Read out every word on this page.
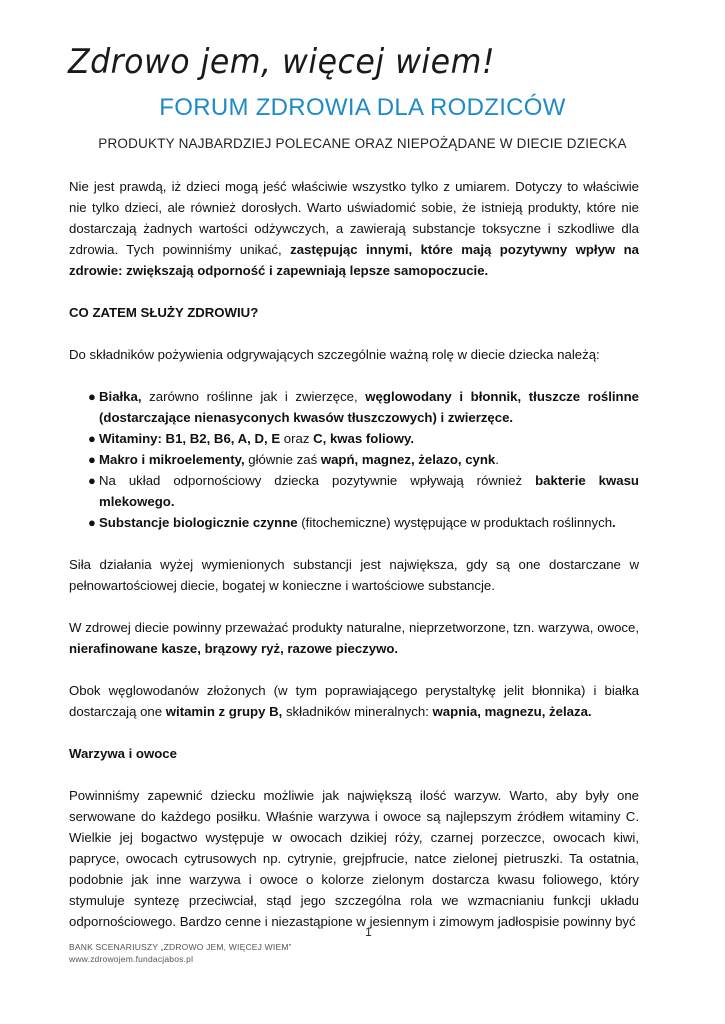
Zdrowo jem, więcej wiem!
FORUM ZDROWIA DLA RODZICÓW
PRODUKTY NAJBARDZIEJ POLECANE ORAZ NIEPOŻĄDANE W DIECIE DZIECKA

Nie jest prawdą, iż dzieci mogą jeść właściwie wszystko tylko z umiarem. Dotyczy to właściwie nie tylko dzieci, ale również dorosłych. Warto uświadomić sobie, że istnieją produkty, które nie dostarczają żadnych wartości odżywczych, a zawierają substancje toksyczne i szkodliwe dla zdrowia. Tych powinniśmy unikać, zastępując innymi, które mają pozytywny wpływ na zdrowie: zwiększają odporność i zapewniają lepsze samopoczucie.

CO ZATEM SŁUŻY ZDROWIU?

Do składników pożywienia odgrywających szczególnie ważną rolę w diecie dziecka należą:

● Białka, zarówno roślinne jak i zwierzęce, węglowodany i błonnik, tłuszcze roślinne (dostarczające nienasyconych kwasów tłuszczowych) i zwierzęce.
● Witaminy: B1, B2, B6, A, D, E oraz C, kwas foliowy.
● Makro i mikroelementy, głównie zaś wapń, magnez, żelazo, cynk.
● Na układ odpornościowy dziecka pozytywnie wpływają również bakterie kwasu mlekowego.
● Substancje biologicznie czynne (fitochemiczne) występujące w produktach roślinnych.

Siła działania wyżej wymienionych substancji jest największa, gdy są one dostarczane w pełnowartościowej diecie, bogatej w konieczne i wartościowe substancje.

W zdrowej diecie powinny przeważać produkty naturalne, nieprzetworzone, tzn. warzywa, owoce, nierafinowane kasze, brązowy ryż, razowe pieczywo.

Obok węglowodanów złożonych (w tym poprawiającego perystaltykę jelit błonnika) i białka dostarczają one witamin z grupy B, składników mineralnych: wapnia, magnezu, żelaza.

Warzywa i owoce

Powinniśmy zapewnić dziecku możliwie jak największą ilość warzyw. Warto, aby były one serwowane do każdego posiłku. Właśnie warzywa i owoce są najlepszym źródłem witaminy C. Wielkie jej bogactwo występuje w owocach dzikiej róży, czarnej porzeczce, owocach kiwi, papryce, owocach cytrusowych np. cytrynie, grejpfrucie, natce zielonej pietruszki. Ta ostatnia, podobnie jak inne warzywa i owoce o kolorze zielonym dostarcza kwasu foliowego, który stymuluje syntezę przeciwciał, stąd jego szczególna rola we wzmacnianiu funkcji układu odpornościowego. Bardzo cenne i niezastąpione w jesiennym i zimowym jadłospisie powinny być

1
BANK SCENARIUSZY „ZDROWO JEM, WIĘCEJ WIEM”
www.zdrowojem.fundacjabos.pl
